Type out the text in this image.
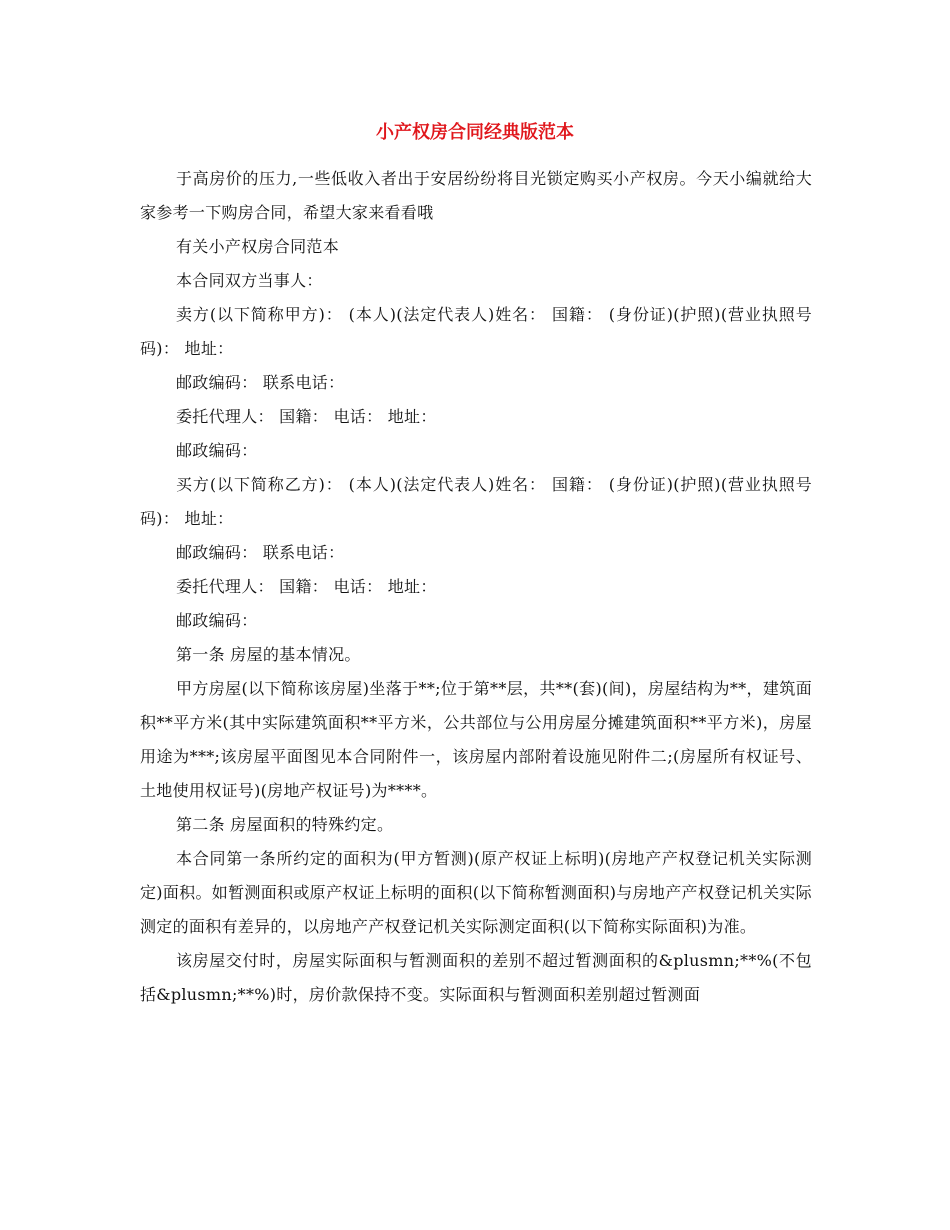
小产权房合同经典版范本

于高房价的压力,一些低收入者出于安居纷纷将目光锁定购买小产权房。今天小编就给大家参考一下购房合同，希望大家来看看哦

有关小产权房合同范本

本合同双方当事人：

卖方(以下简称甲方)： (本人)(法定代表人)姓名： 国籍： (身份证)(护照)(营业执照号码)： 地址：

邮政编码： 联系电话：

委托代理人： 国籍： 电话： 地址：

邮政编码：

买方(以下简称乙方)： (本人)(法定代表人)姓名： 国籍： (身份证)(护照)(营业执照号码)： 地址：

邮政编码： 联系电话：

委托代理人： 国籍： 电话： 地址：

邮政编码：

第一条 房屋的基本情况。

甲方房屋(以下简称该房屋)坐落于**;位于第**层，共**(套)(间)，房屋结构为**，建筑面积**平方米(其中实际建筑面积**平方米，公共部位与公用房屋分摊建筑面积**平方米)，房屋用途为***;该房屋平面图见本合同附件一，该房屋内部附着设施见附件二;(房屋所有权证号、土地使用权证号)(房地产权证号)为****。

第二条 房屋面积的特殊约定。

本合同第一条所约定的面积为(甲方暂测)(原产权证上标明)(房地产产权登记机关实际测定)面积。如暂测面积或原产权证上标明的面积(以下简称暂测面积)与房地产产权登记机关实际测定的面积有差异的，以房地产产权登记机关实际测定面积(以下简称实际面积)为准。

该房屋交付时，房屋实际面积与暂测面积的差别不超过暂测面积的&plusmn;**%(不包括&plusmn;**%)时，房价款保持不变。实际面积与暂测面积差别超过暂测面
